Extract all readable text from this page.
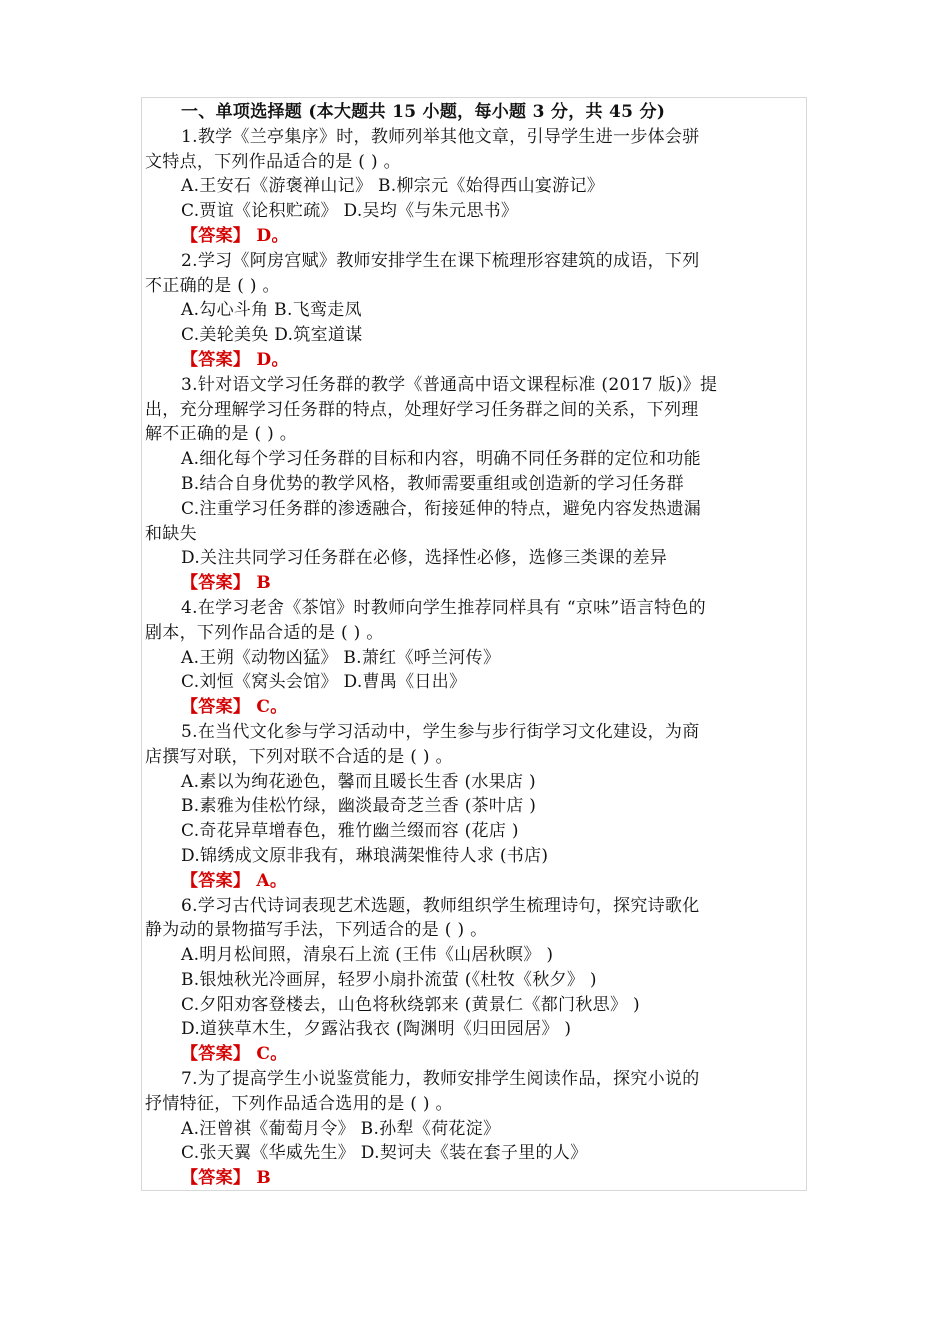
一、单项选择题 (本大题共 15 小题，每小题 3 分，共 45 分)
1.教学《兰亭集序》时，教师列举其他文章，引导学生进一步体会骈
文特点，下列作品适合的是 ( ) 。
A.王安石《游褒禅山记》 B.柳宗元《始得西山宴游记》
C.贾谊《论积贮疏》 D.吴均《与朱元思书》
【答案】 D。
2.学习《阿房宫赋》教师安排学生在课下梳理形容建筑的成语，下列
不正确的是 ( ) 。
A.勾心斗角 B.飞鸾走凤
C.美轮美奂 D.筑室道谋
【答案】 D。
3.针对语文学习任务群的教学《普通高中语文课程标准 (2017 版)》提
出，充分理解学习任务群的特点，处理好学习任务群之间的关系，下列理
解不正确的是 ( ) 。
A.细化每个学习任务群的目标和内容，明确不同任务群的定位和功能
B.结合自身优势的教学风格，教师需要重组或创造新的学习任务群
C.注重学习任务群的渗透融合，衔接延伸的特点，避免内容发热遗漏
和缺失
D.关注共同学习任务群在必修，选择性必修，选修三类课的差异
【答案】 B
4.在学习老舍《茶馆》时教师向学生推荐同样具有 “京味”语言特色的
剧本，下列作品合适的是 ( ) 。
A.王朔《动物凶猛》 B.萧红《呼兰河传》
C.刘恒《窝头会馆》 D.曹禺《日出》
【答案】 C。
5.在当代文化参与学习活动中，学生参与步行街学习文化建设，为商
店撰写对联，下列对联不合适的是 ( ) 。
A.素以为绚花逊色，馨而且暖长生香 (水果店 )
B.素雅为佳松竹绿，幽淡最奇芝兰香 (茶叶店 )
C.奇花异草增春色，雅竹幽兰缀而容 (花店 )
D.锦绣成文原非我有，琳琅满架惟待人求 (书店)
【答案】 A。
6.学习古代诗词表现艺术选题，教师组织学生梳理诗句，探究诗歌化
静为动的景物描写手法，下列适合的是 ( ) 。
A.明月松间照，清泉石上流 (王伟《山居秋暝》 )
B.银烛秋光冷画屏，轻罗小扇扑流萤 (《杜牧《秋夕》 )
C.夕阳劝客登楼去，山色将秋绕郭来 (黄景仁《都门秋思》 )
D.道狭草木生，夕露沾我衣 (陶渊明《归田园居》 )
【答案】 C。
7.为了提高学生小说鉴赏能力，教师安排学生阅读作品，探究小说的
抒情特征，下列作品适合选用的是 ( ) 。
A.汪曾祺《葡萄月令》 B.孙犁《荷花淀》
C.张天翼《华威先生》 D.契诃夫《装在套子里的人》
【答案】 B
